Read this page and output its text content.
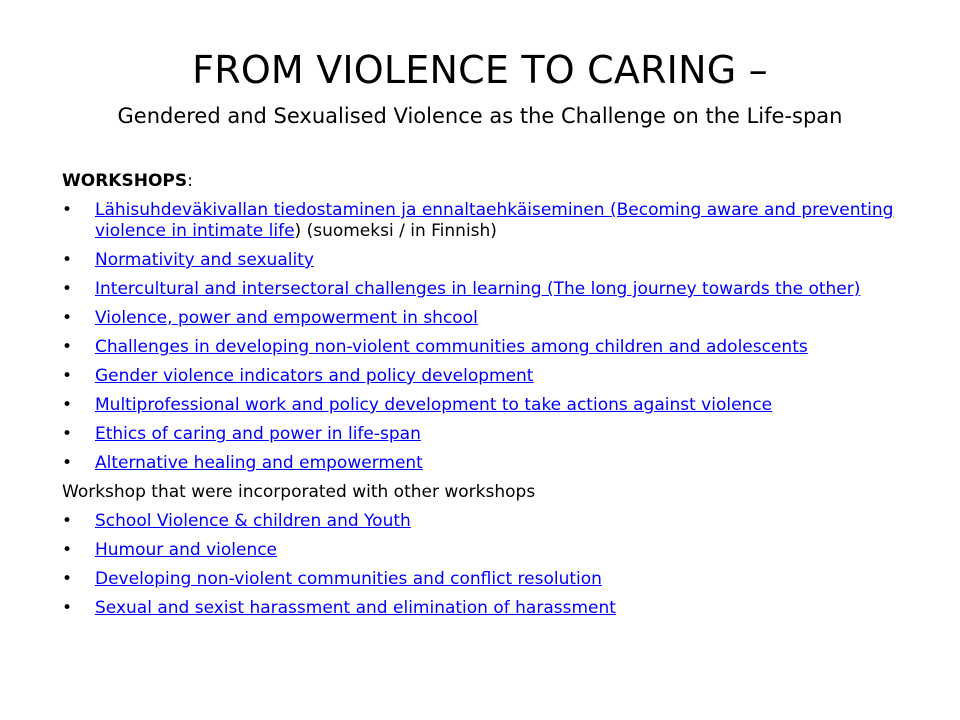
FROM VIOLENCE TO CARING –
Gendered and Sexualised Violence as the Challenge on the Life-span
WORKSHOPS:
• Lähisuhdeväkivallan tiedostaminen ja ennaltaehkäiseminen (Becoming aware and preventing violence in intimate life) (suomeksi / in Finnish)
• Normativity and sexuality
• Intercultural and intersectoral challenges in learning (The long journey towards the other)
• Violence, power and empowerment in shcool
• Challenges in developing non-violent communities among children and adolescents
• Gender violence indicators and policy development
• Multiprofessional work and policy development to take actions against violence
• Ethics of caring and power in life-span
• Alternative healing and empowerment
Workshop that were incorporated with other workshops
• School Violence & children and Youth
• Humour and violence
• Developing non-violent communities and conflict resolution
• Sexual and sexist harassment and elimination of harassment
